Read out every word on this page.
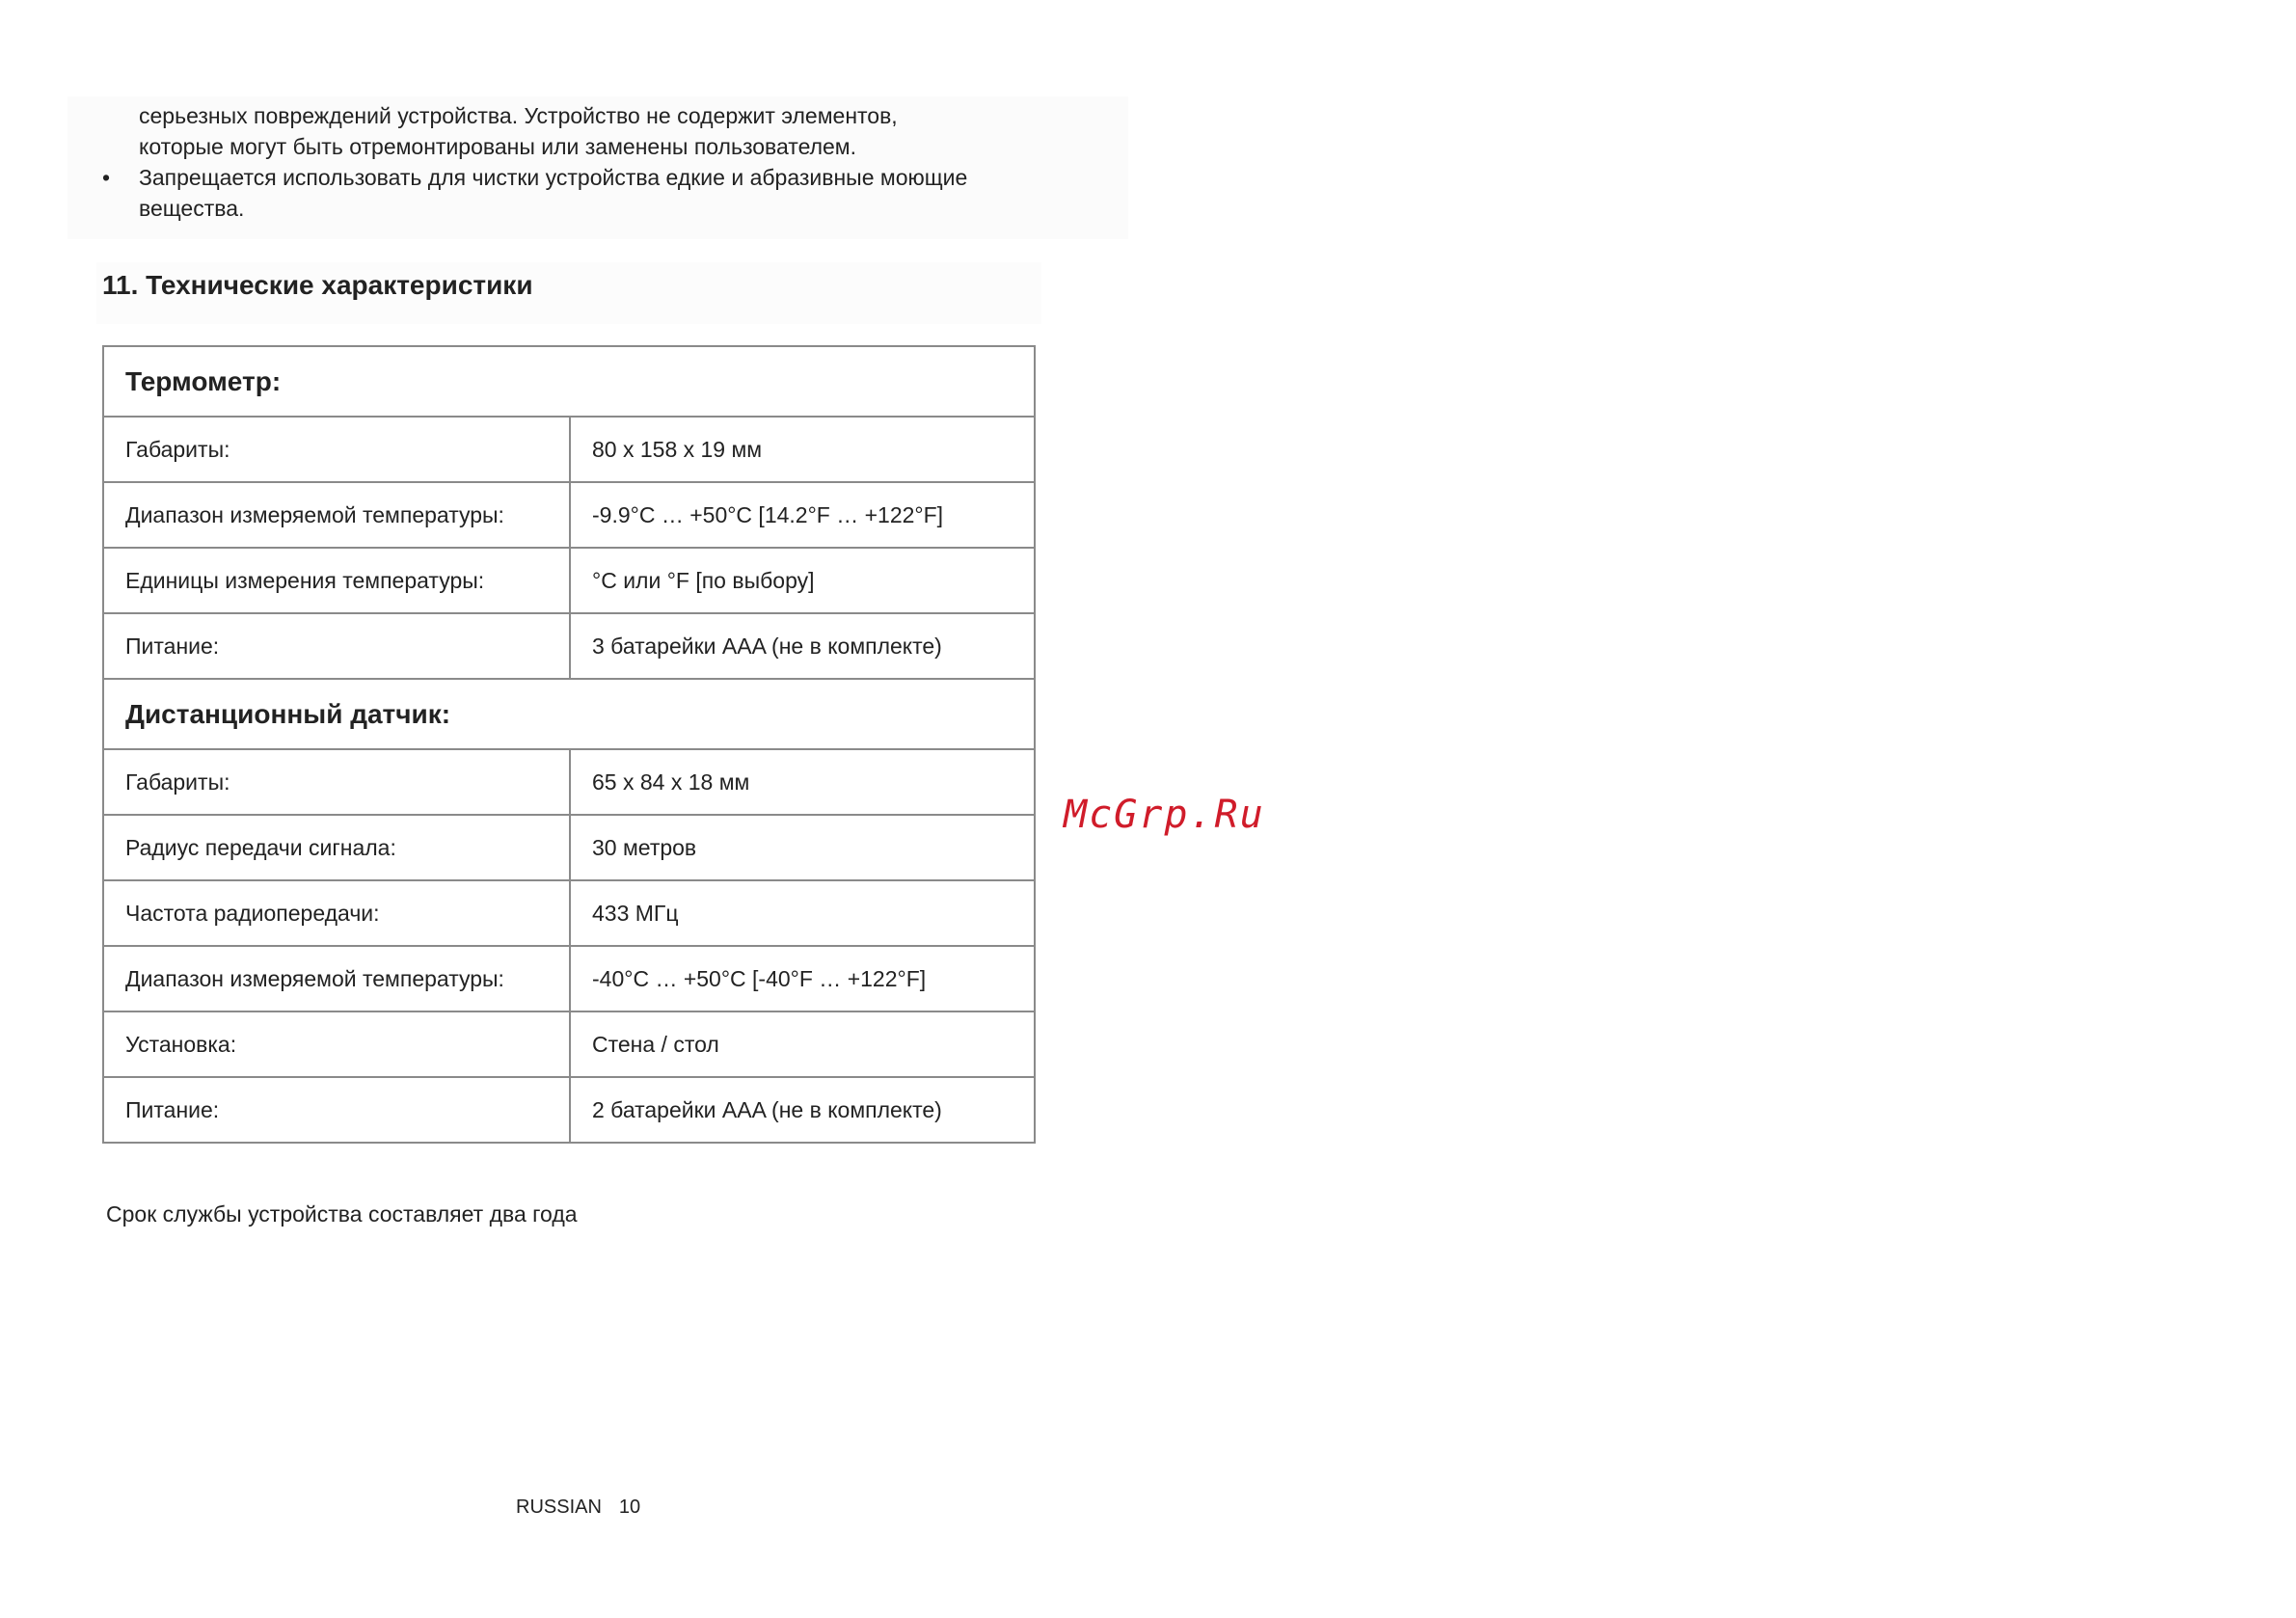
серьезных повреждений устройства. Устройство не содержит элементов,
которые могут быть отремонтированы или заменены пользователем.
• Запрещается использовать для чистки устройства едкие и абразивные моющие
вещества.
11. Технические характеристики
Термометр:	
Габариты:	80 x 158 x 19 мм
Диапазон измеряемой температуры:	-9.9°C … +50°C [14.2°F … +122°F]
Единицы измерения температуры:	°C или °F [по выбору]
Питание:	3 батарейки AAA (не в комплекте)
Дистанционный датчик:	
Габариты:	65 x 84 x 18 мм
Радиус передачи сигнала:	30 метров
Частота радиопередачи:	433 МГц
Диапазон измеряемой температуры:	-40°C … +50°C [-40°F … +122°F]
Установка:	Стена / стол
Питание:	2 батарейки AAA (не в комплекте)
Срок службы устройства составляет два года
McGrp.Ru
RUSSIAN 10
